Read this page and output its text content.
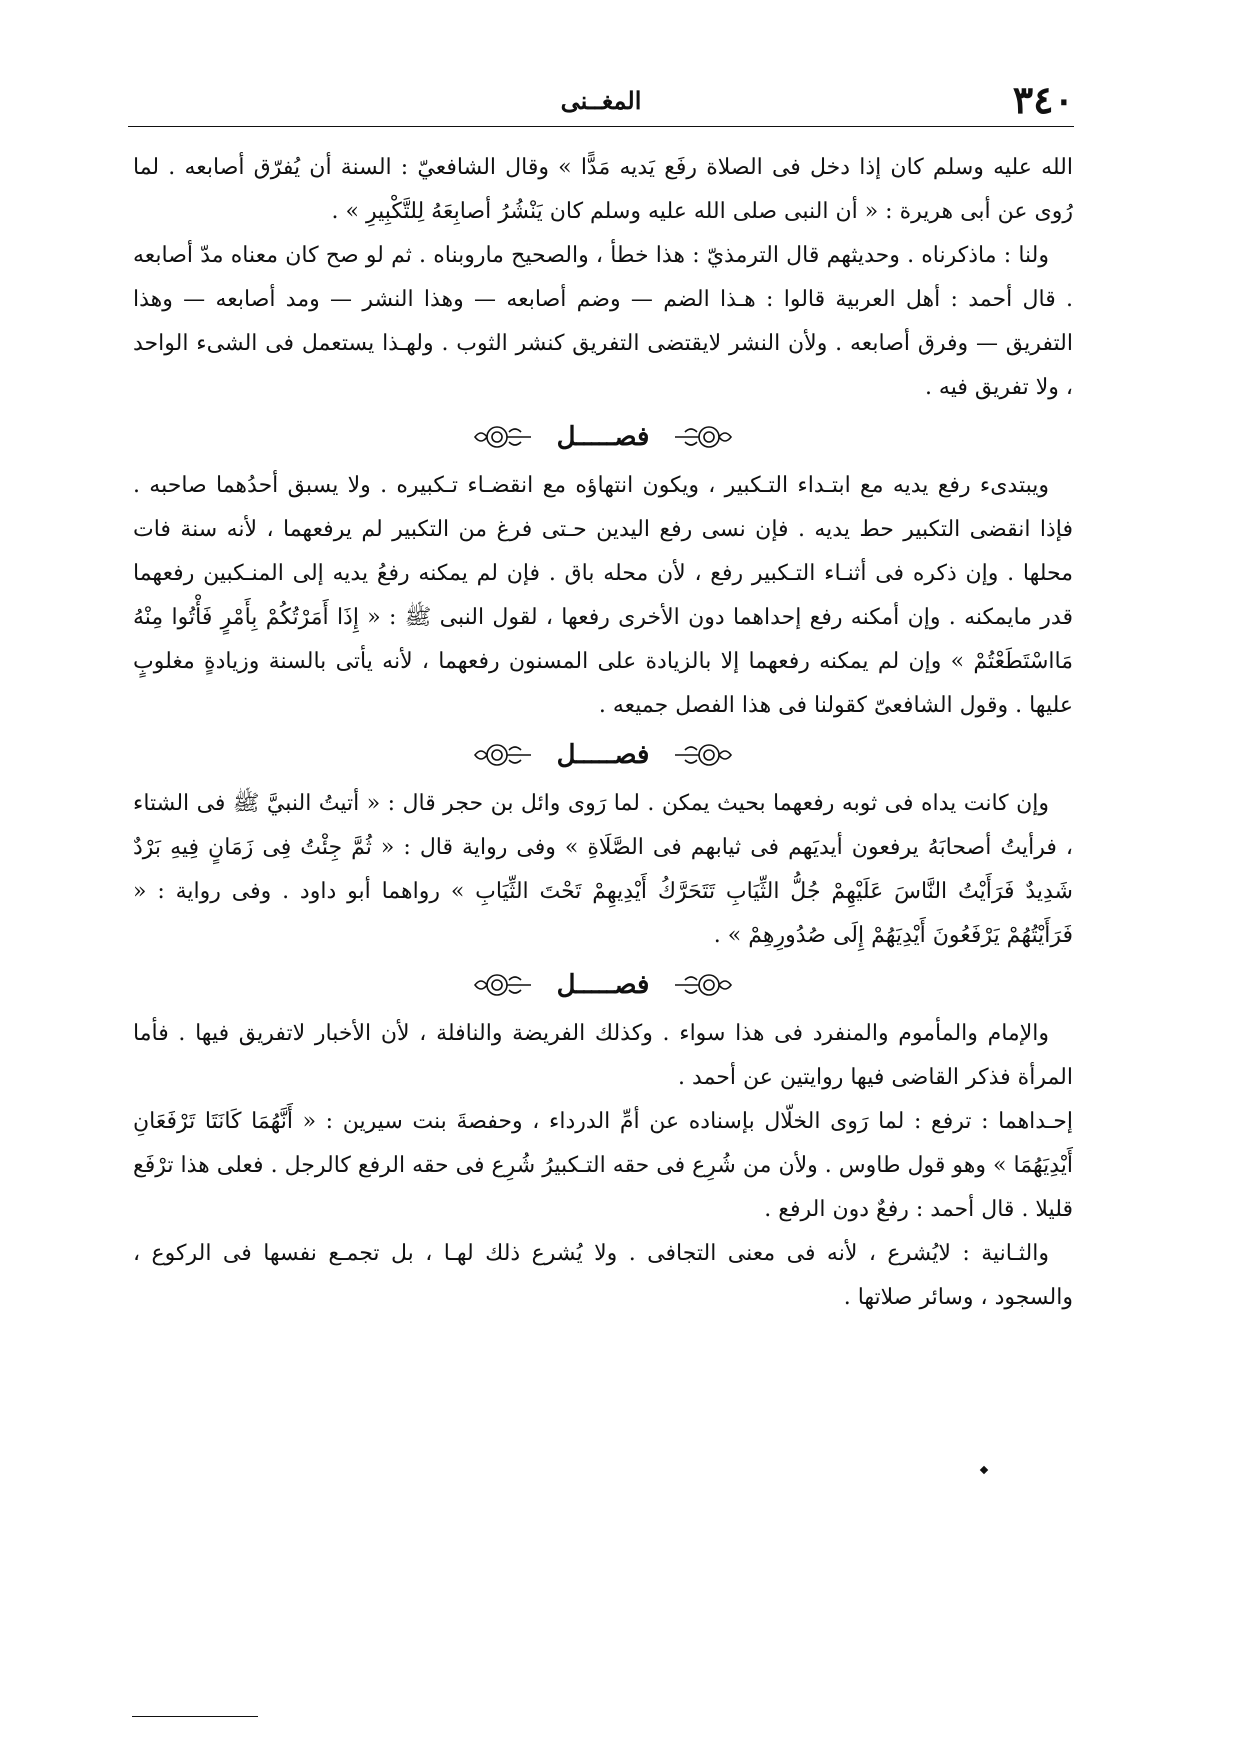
٣٤٠
المغــنى

الله عليه وسلم كان إذا دخل فى الصلاة رفَع يَديه مَدًّا » وقال الشافعيّ : السنة أن يُفرّق أصابعه . لما رُوى عن أبى هريرة : « أن النبى صلى الله عليه وسلم كان يَنْشُرُ أصابِعَهُ لِلتَّكْبِيرِ » .

ولنا : ماذكرناه . وحديثهم قال الترمذيّ : هذا خطأ ، والصحيح ماروبناه . ثم لو صح كان معناه مدّ أصابعه . قال أحمد : أهل العربية قالوا : هـذا الضم — وضم أصابعه — وهذا النشر — ومد أصابعه — وهذا التفريق — وفرق أصابعه . ولأن النشر لايقتضى التفريق كنشر الثوب . ولهـذا يستعمل فى الشىء الواحد ، ولا تفريق فيه .

فصـــــل

ويبتدىء رفع يديه مع ابتـداء التـكبير ، ويكون انتهاؤه مع انقضـاء تـكبيره . ولا يسبق أحدُهما صاحبه . فإذا انقضى التكبير حط يديه . فإن نسى رفع اليدين حـتى فرغ من التكبير لم يرفعهما ، لأنه سنة فات محلها . وإن ذكره فى أثنـاء التـكبير رفع ، لأن محله باق . فإن لم يمكنه رفعُ يديه إلى المنـكبين رفعهما قدر مايمكنه . وإن أمكنه رفع إحداهما دون الأخرى رفعها ، لقول النبى ﷺ : « إِذَا أَمَرْتُكُمْ بِأَمْرٍ فَأْتُوا مِنْهُ مَااسْتَطَعْتُمْ » وإن لم يمكنه رفعهما إلا بالزيادة على المسنون رفعهما ، لأنه يأتى بالسنة وزيادةٍ مغلوبٍ عليها . وقول الشافعىّ كقولنا فى هذا الفصل جميعه .

فصـــــل

وإن كانت يداه فى ثوبه رفعهما بحيث يمكن . لما رَوى وائل بن حجر قال : « أتيتُ النبيَّ ﷺ فى الشتاء ، فرأيتُ أصحابَهُ يرفعون أيديَهم فى ثيابهم فى الصَّلَاةِ » وفى رواية قال : « ثُمَّ جِئْتُ فِى زَمَانٍ فِيهِ بَرْدٌ شَدِيدٌ فَرَأَيْتُ النَّاسَ عَلَيْهِمْ جُلُّ الثِّيَابِ تَتَحَرَّكُ أَيْدِيهِمْ تَحْتَ الثِّيَابِ » رواهما أبو داود . وفى رواية : « فَرَأَيْتُهُمْ يَرْفَعُونَ أَيْدِيَهُمْ إِلَى صُدُورِهِمْ » .

فصـــــل

والإمام والمأموم والمنفرد فى هذا سواء . وكذلك الفريضة والنافلة ، لأن الأخبار لاتفريق فيها . فأما المرأة فذكر القاضى فيها روايتين عن أحمد .

إحـداهما : ترفع : لما رَوى الخلّال بإسناده عن أمِّ الدرداء ، وحفصةَ بنت سيرين : « أَنَّهُمَا كَانَتَا تَرْفَعَانِ أَيْدِيَهُمَا » وهو قول طاوس . ولأن من شُرِع فى حقه التـكبيرُ شُرِع فى حقه الرفع كالرجل . فعلى هذا ترْفَع قليلا . قال أحمد : رفعٌ دون الرفع .

والثـانية : لايُشرع ، لأنه فى معنى التجافى . ولا يُشرع ذلك لهـا ، بل تجمـع نفسها فى الركوع ، والسجود ، وسائر صلاتها .
